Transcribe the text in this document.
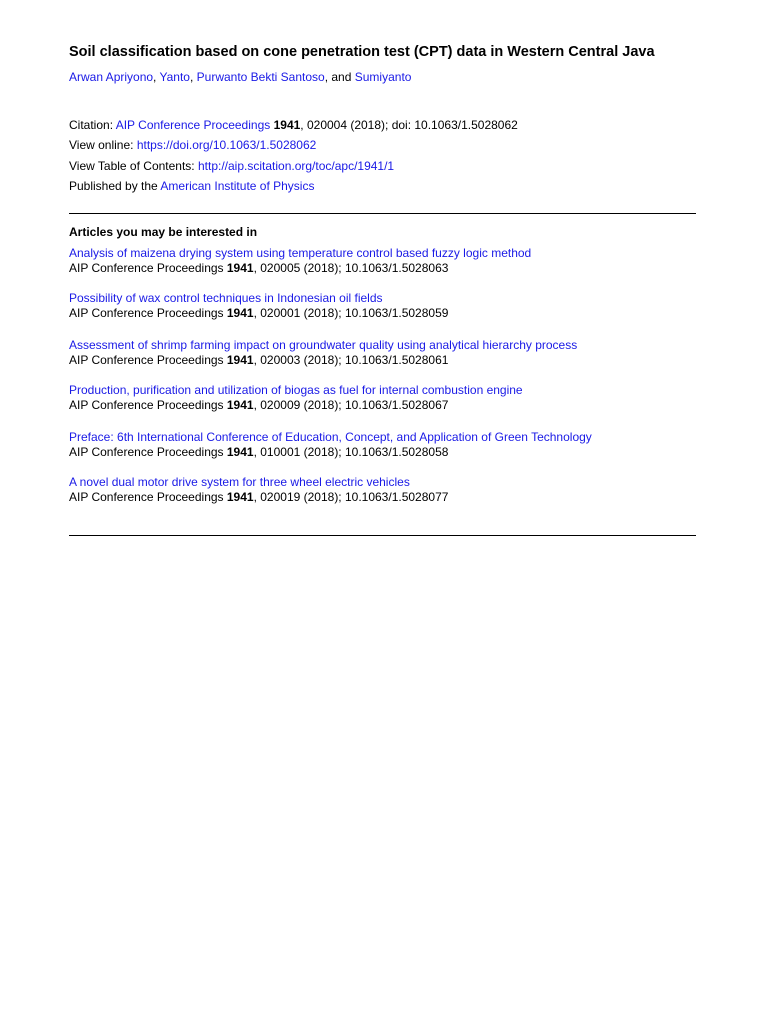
Soil classification based on cone penetration test (CPT) data in Western Central Java
Arwan Apriyono, Yanto, Purwanto Bekti Santoso, and Sumiyanto
Citation: AIP Conference Proceedings 1941, 020004 (2018); doi: 10.1063/1.5028062
View online: https://doi.org/10.1063/1.5028062
View Table of Contents: http://aip.scitation.org/toc/apc/1941/1
Published by the American Institute of Physics
Articles you may be interested in
Analysis of maizena drying system using temperature control based fuzzy logic method
AIP Conference Proceedings 1941, 020005 (2018); 10.1063/1.5028063
Possibility of wax control techniques in Indonesian oil fields
AIP Conference Proceedings 1941, 020001 (2018); 10.1063/1.5028059
Assessment of shrimp farming impact on groundwater quality using analytical hierarchy process
AIP Conference Proceedings 1941, 020003 (2018); 10.1063/1.5028061
Production, purification and utilization of biogas as fuel for internal combustion engine
AIP Conference Proceedings 1941, 020009 (2018); 10.1063/1.5028067
Preface: 6th International Conference of Education, Concept, and Application of Green Technology
AIP Conference Proceedings 1941, 010001 (2018); 10.1063/1.5028058
A novel dual motor drive system for three wheel electric vehicles
AIP Conference Proceedings 1941, 020019 (2018); 10.1063/1.5028077
